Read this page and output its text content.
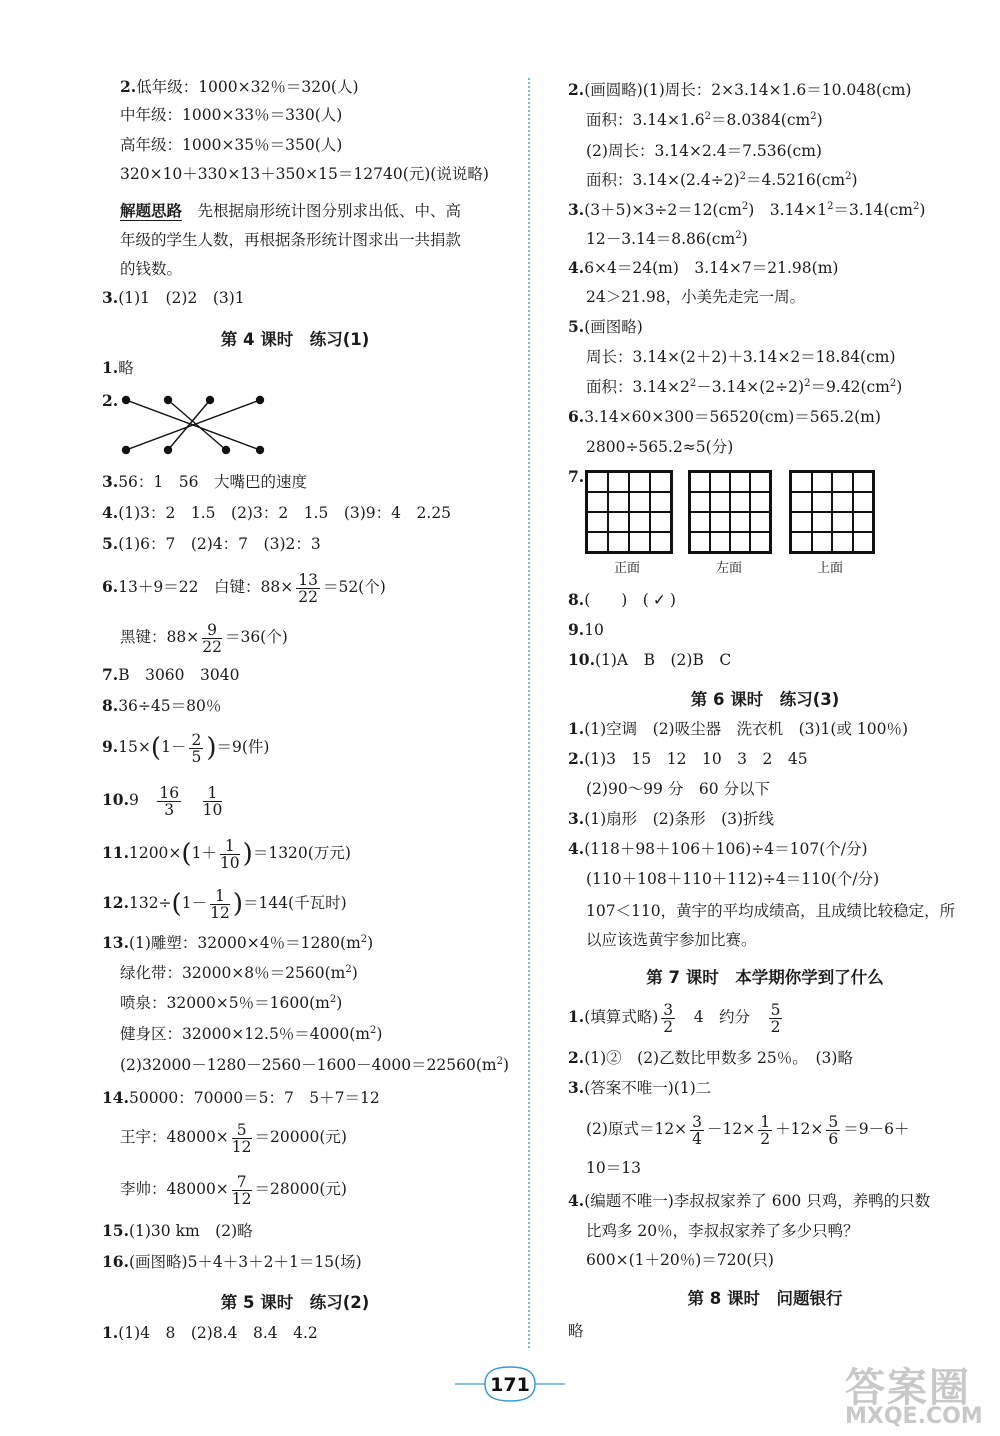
2.低年级：1000×32％＝320(人)
中年级：1000×33％＝330(人)
高年级：1000×35％＝350(人)
320×10＋330×13＋350×15＝12740(元)(说说略)
解题思路　 先根据扇形统计图分别求出低、中、高
年级的学生人数，再根据条形统计图求出一共捐款
的钱数。
3.(1)1　(2)2　(3)1
第 4 课时　练习(1)
1.略
2.
3.56：1　56　大嘴巴的速度
4.(1)3：2　1.5　(2)3：2　1.5　(3)9：4　2.25
5.(1)6：7　(2)4：7　(3)2：3
6.13＋9＝22　白键：$88\times \frac{13}{22} =52$(个)
黑键：$88\times \frac{9}{22} =36$(个)
7.B　3060　3040
8.36÷45＝80％
$9.15\times(1- \frac{2}{5} )=9$(件)
10.9　 $\frac{16}{3}$
　 $\frac{1}{10}$
$11.1200\times(1+ \frac{1}{10} )=1320$(万元)
$12.132\div(1- \frac{1}{12} )=144$(千瓦时)
13.(1)雕塑：32000×4％$=1280(m^2)$
绿化带：32000×8％$=2560(m^2)$
喷泉：32000×5％$=1600(m^2)$
健身区：32000×12.5％$=4000(m^2)$
$(2)32000-1280-2560-1600-4000=22560(m^2)$
14.50000：70000＝5：7　5＋7＝12
王宇：$48000\times \frac{5}{12} =20000$(元)
李帅：$48000\times \frac{7}{12} =28000$(元)
15.(1)30 km　(2)略
16.(画图略)5＋4＋3＋2＋1＝15(场)
第 5 课时　练习(2)
1.(1)4　8　(2)8.4　8.4　4.2
2.(画圆略)(1)周长：2×3.14×1.6＝10.048(cm)
面积：$3.14\times 1.6^2=8.0384(cm^2)$
(2)周长：3.14×2.4＝7.536(cm)
面积：$3.14\times(2.4\div 2)^2=4.5216(cm^2)$
$3.(3+5)\times 3\div 2=12(cm^2)$　$3.14\times 1^2=3.14(cm^2)$
$12-3.14=8.86(cm^2)$
4.6×4＝24(m)　3.14×7＝21.98(m)
24＞21.98，小美先走完一周。
5.(画图略)
周长：3.14×(2＋2)＋3.14×2＝18.84(cm)
面积：$3.14\times 2^2-3.14\times(2\div 2)^2=9.42(cm^2)$
6.3.14×60×300＝56520(cm)＝565.2(m)
2800÷565.2≈5(分)
7.
正面	左面	上面
8.(　　)　( ✓ )
9.10
10.(1)A　B　(2)B　C
第 6 课时　练习(3)
1.(1)空调　(2)吸尘器　洗衣机　(3)1(或 100％)
2.(1)3　15　12　10　3　2　45
(2)90～99 分　60 分以下
3.(1)扇形　(2)条形　(3)折线
4.(118＋98＋106＋106)÷4＝107(个/分)
(110＋108＋110＋112)÷4＝110(个/分)
107＜110，黄宇的平均成绩高，且成绩比较稳定，所
以应该选黄宇参加比赛。
第 7 课时　本学期你学到了什么
1.(填算式略) $\frac{3}{2}$
　 4　约分　 $\frac{5}{2}$
2.(1)②　(2)乙数比甲数多 25％。　(3)略
3.(答案不唯一)(1)二
(2)原式$=12\times \frac{3}{4} -12\times \frac{1}{2} +12\times \frac{5}{6} =9-6+$
10＝13
4.(编题不唯一)李叔叔家养了 600 只鸡，养鸭的只数
比鸡多 20％，李叔叔家养了多少只鸭？
600×(1＋20％)＝720(只)
第 8 课时　问题银行
略
171	答案圈
MXQE.COM
